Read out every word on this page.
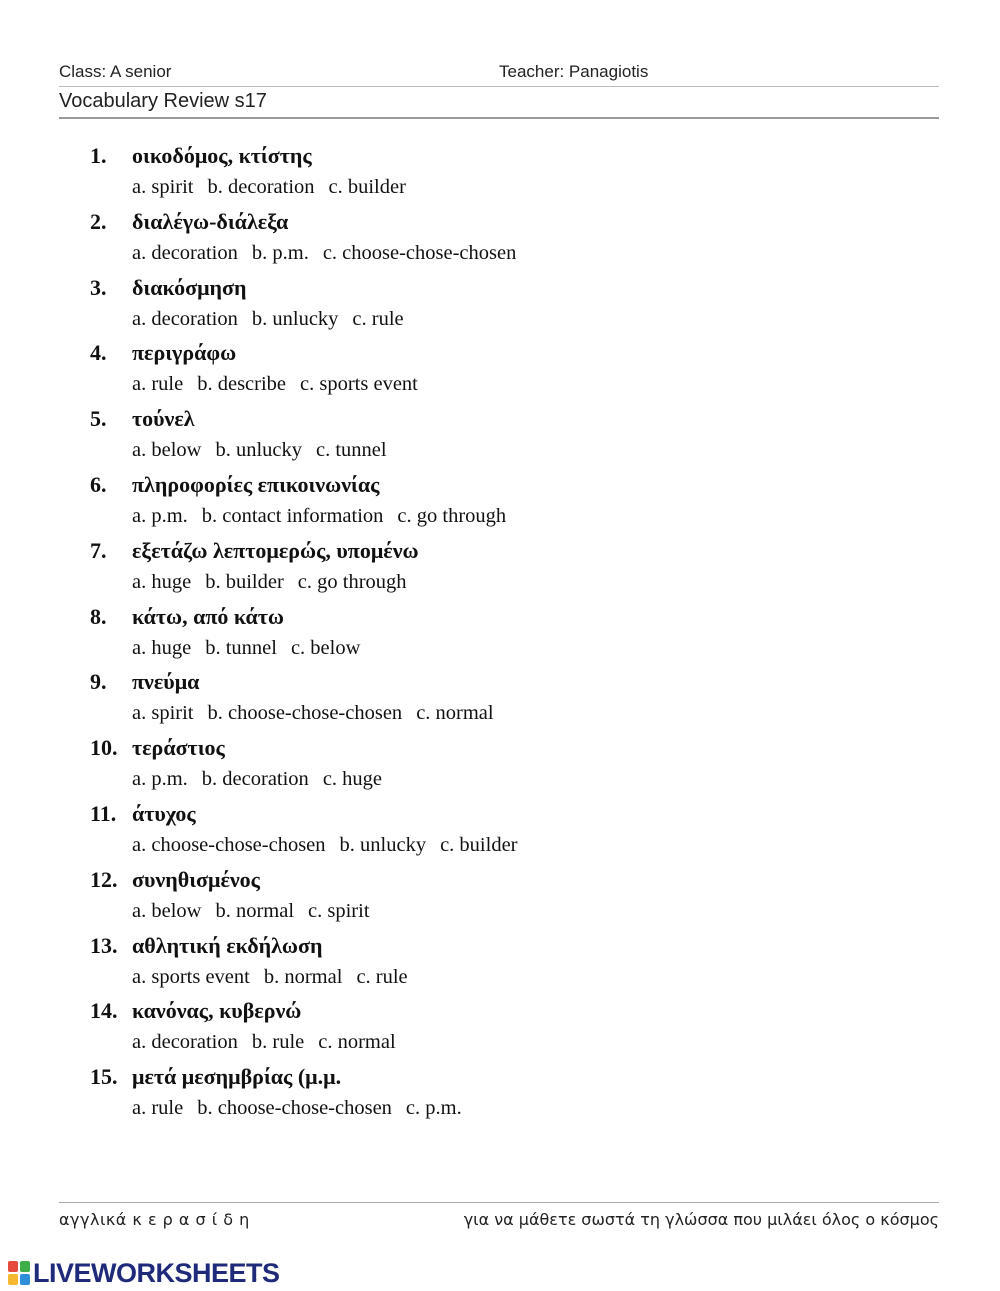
Class: A senior	Teacher: Panagiotis
Vocabulary Review s17
1. οικοδόμος, κτίστης
a. spirit b. decoration c. builder
2. διαλέγω-διάλεξα
a. decoration b. p.m. c. choose-chose-chosen
3. διακόσμηση
a. decoration b. unlucky c. rule
4. περιγράφω
a. rule b. describe c. sports event
5. τούνελ
a. below b. unlucky c. tunnel
6. πληροφορίες επικοινωνίας
a. p.m. b. contact information c. go through
7. εξετάζω λεπτομερώς, υπομένω
a. huge b. builder c. go through
8. κάτω, από κάτω
a. huge b. tunnel c. below
9. πνεύμα
a. spirit b. choose-chose-chosen c. normal
10. τεράστιος
a. p.m. b. decoration c. huge
11. άτυχος
a. choose-chose-chosen b. unlucky c. builder
12. συνηθισμένος
a. below b. normal c. spirit
13. αθλητική εκδήλωση
a. sports event b. normal c. rule
14. κανόνας, κυβερνώ
a. decoration b. rule c. normal
15. μετά μεσημβρίας (μ.μ.
a. rule b. choose-chose-chosen c. p.m.
αγγλικά κ ε ρ α σ ί δ η	για να μάθετε σωστά τη γλώσσα που μιλάει όλος ο κόσμος
LIVEWORKSHEETS
